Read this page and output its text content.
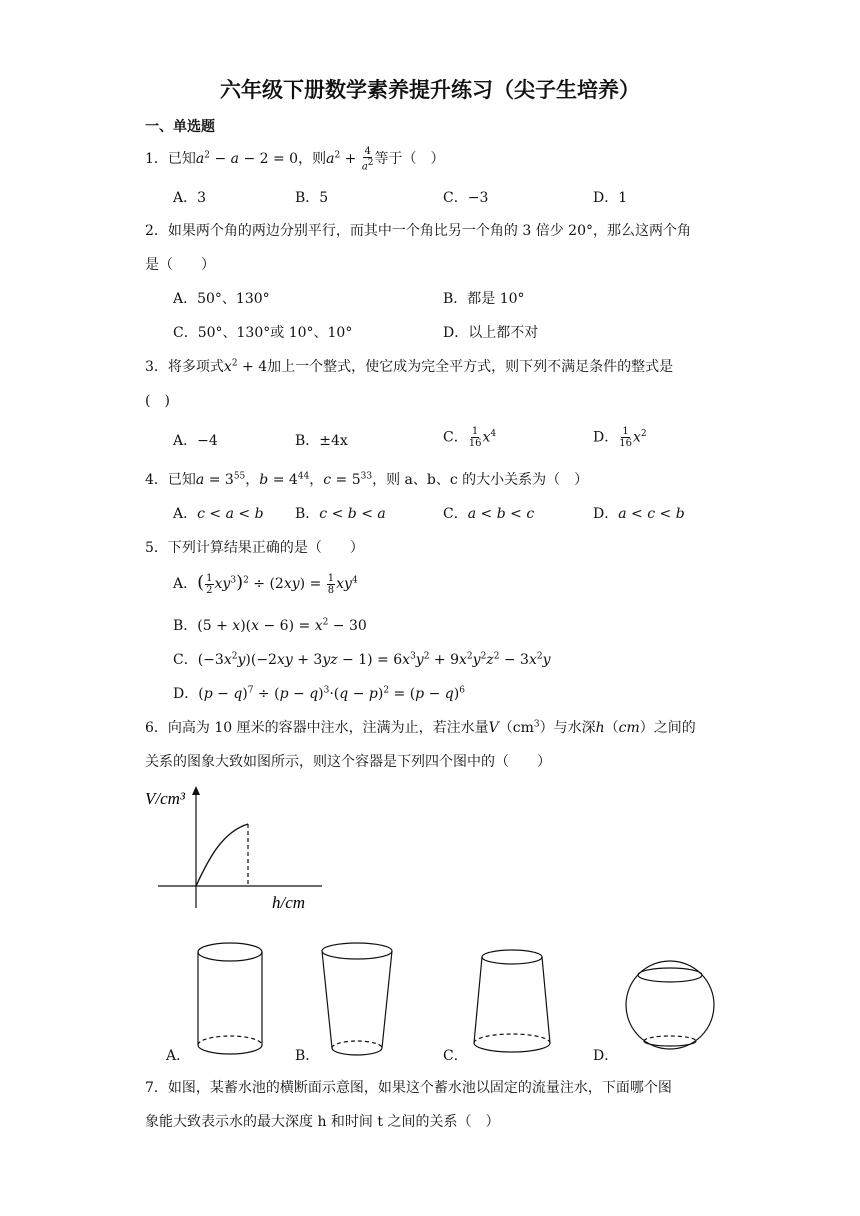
六年级下册数学素养提升练习（尖子生培养）
一、单选题
1．已知$a^2 - a - 2 = 0$，则$a^2 + \frac{4}{a^2}$ 等于（　）
A．3	B．5	C．−3	D．1
2．如果两个角的两边分别平行，而其中一个角比另一个角的 3 倍少 20°，那么这两个角
是（　　）
A．50°、130°	B．都是 10°
C．50°、130°或 10°、10°	D．以上都不对
3．将多项式$x^2 + 4$加上一个整式，使它成为完全平方式，则下列不满足条件的整式是
(　)
A．−4	B．±4x	C． $\frac{1}{16} x^4$	D． $\frac{1}{16} x^2$
4．已知$a = 3^{55}$，$b = 4^{44}$，$c = 5^{33}$，则 a、b、c 的大小关系为（　）
A．c < a < b B．c < b < a	C．a < b < c	D．a < c < b
5．下列计算结果正确的是（　　）
A．( $\frac{1}{2} xy^3)^2 \div (2xy) = \frac{1}{8} xy^4$
B．$(5 + x)(x - 6) = x^2 - 30$
C．$(-3x^2y)(-2xy + 3yz - 1) = 6x^3y^2 + 9x^2y^2z^2 - 3x^2y$
D．$(p - q)^7 \div (p - q)^3\cdot(q - p)^2 = (p - q)^6$
6．向高为 10 厘米的容器中注水，注满为止，若注水量$V(cm^3)$与水深h（cm）之间的
关系的图象大致如图所示，则这个容器是下列四个图中的（　　）
V/cm³
h/cm
A．	B．	C．	D．
7．如图，某蓄水池的横断面示意图，如果这个蓄水池以固定的流量注水，下面哪个图
象能大致表示水的最大深度 h 和时间 t 之间的关系（　）
